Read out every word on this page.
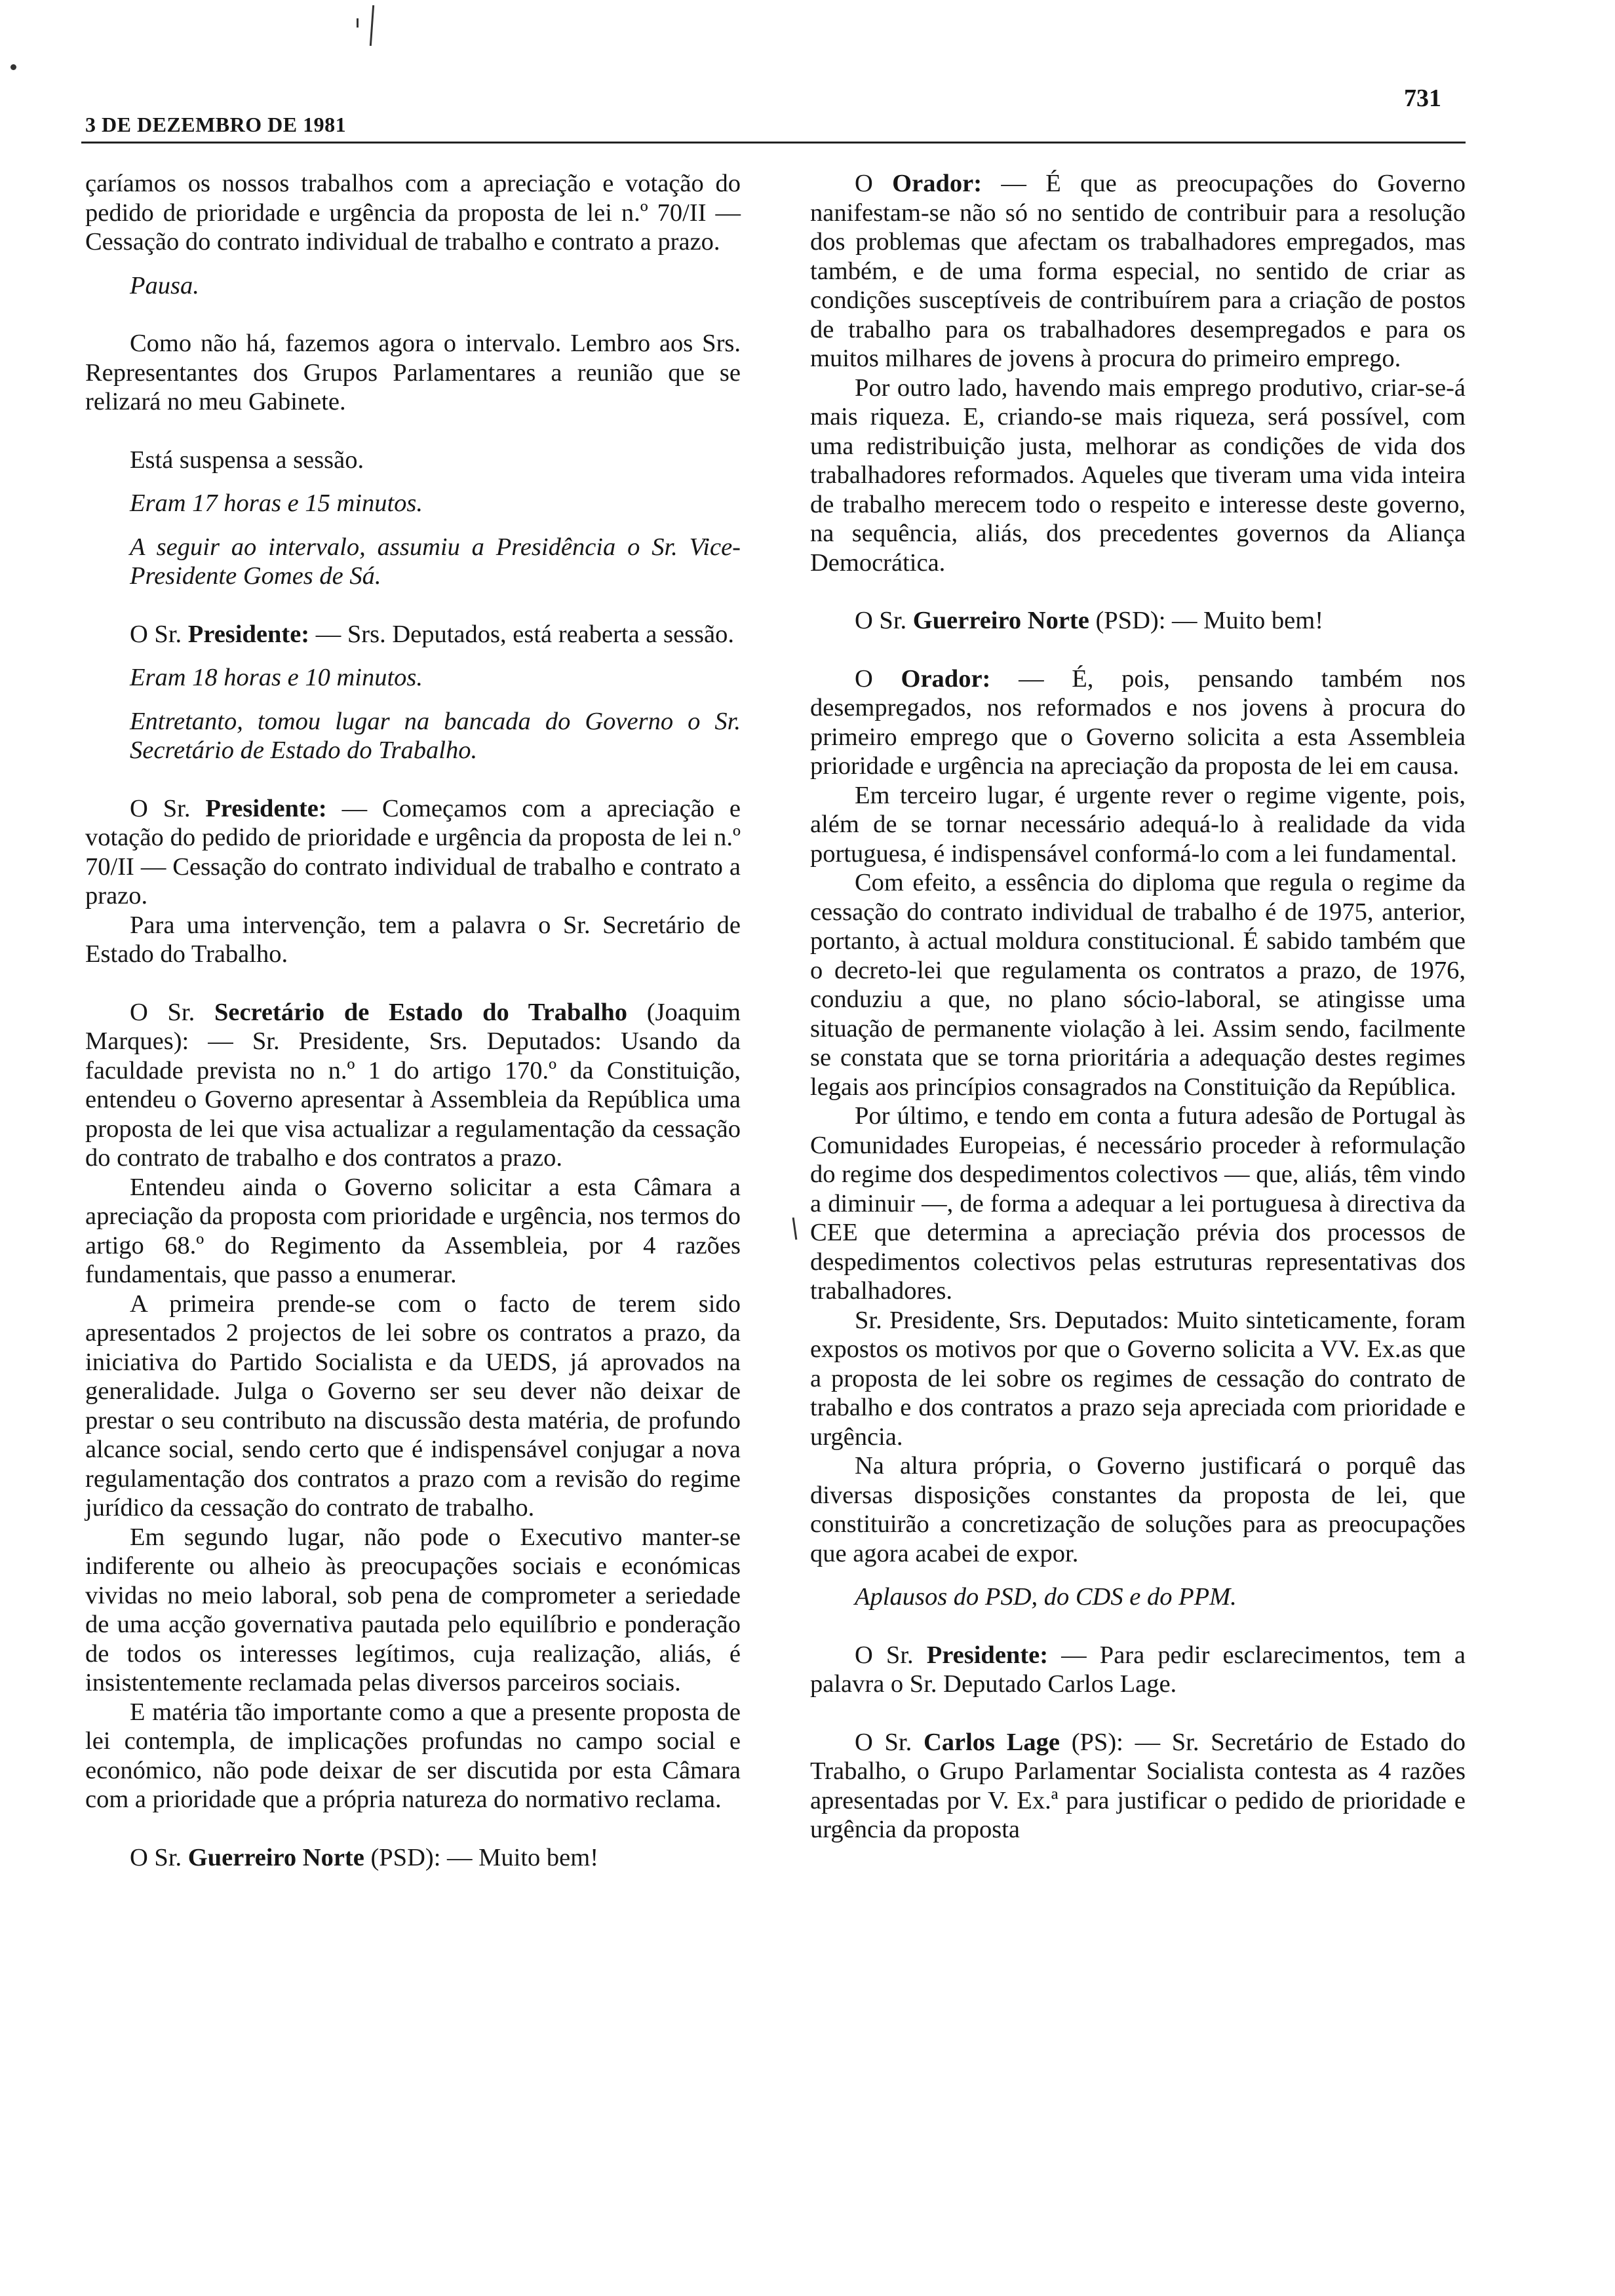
3 DE DEZEMBRO DE 1981
731

çaríamos os nossos trabalhos com a apreciação e votação do pedido de prioridade e urgência da proposta de lei n.º 70/II — Cessação do contrato individual de trabalho e contrato a prazo.

Pausa.

Como não há, fazemos agora o intervalo. Lembro aos Srs. Representantes dos Grupos Parlamentares a reunião que se relizará no meu Gabinete.

Está suspensa a sessão.

Eram 17 horas e 15 minutos.

A seguir ao intervalo, assumiu a Presidência o Sr. Vice-Presidente Gomes de Sá.

O Sr. Presidente: — Srs. Deputados, está reaberta a sessão.

Eram 18 horas e 10 minutos.

Entretanto, tomou lugar na bancada do Governo o Sr. Secretário de Estado do Trabalho.

O Sr. Presidente: — Começamos com a apreciação e votação do pedido de prioridade e urgência da proposta de lei n.º 70/II — Cessação do contrato individual de trabalho e contrato a prazo.

Para uma intervenção, tem a palavra o Sr. Secretário de Estado do Trabalho.

O Sr. Secretário de Estado do Trabalho (Joaquim Marques): — Sr. Presidente, Srs. Deputados: Usando da faculdade prevista no n.º 1 do artigo 170.º da Constituição, entendeu o Governo apresentar à Assembleia da República uma proposta de lei que visa actualizar a regulamentação da cessação do contrato de trabalho e dos contratos a prazo.

Entendeu ainda o Governo solicitar a esta Câmara a apreciação da proposta com prioridade e urgência, nos termos do artigo 68.º do Regimento da Assembleia, por 4 razões fundamentais, que passo a enumerar.

A primeira prende-se com o facto de terem sido apresentados 2 projectos de lei sobre os contratos a prazo, da iniciativa do Partido Socialista e da UEDS, já aprovados na generalidade. Julga o Governo ser seu dever não deixar de prestar o seu contributo na discussão desta matéria, de profundo alcance social, sendo certo que é indispensável conjugar a nova regulamentação dos contratos a prazo com a revisão do regime jurídico da cessação do contrato de trabalho.

Em segundo lugar, não pode o Executivo manter-se indiferente ou alheio às preocupações sociais e económicas vividas no meio laboral, sob pena de comprometer a seriedade de uma acção governativa pautada pelo equilíbrio e ponderação de todos os interesses legítimos, cuja realização, aliás, é insistentemente reclamada pelas diversos parceiros sociais.

E matéria tão importante como a que a presente proposta de lei contempla, de implicações profundas no campo social e económico, não pode deixar de ser discutida por esta Câmara com a prioridade que a própria natureza do normativo reclama.

O Sr. Guerreiro Norte (PSD): — Muito bem!

O Orador: — É que as preocupações do Governo nanifestam-se não só no sentido de contribuir para a resolução dos problemas que afectam os trabalhadores empregados, mas também, e de uma forma especial, no sentido de criar as condições susceptíveis de contribuírem para a criação de postos de trabalho para os trabalhadores desempregados e para os muitos milhares de jovens à procura do primeiro emprego.

Por outro lado, havendo mais emprego produtivo, criar-se-á mais riqueza. E, criando-se mais riqueza, será possível, com uma redistribuição justa, melhorar as condições de vida dos trabalhadores reformados. Aqueles que tiveram uma vida inteira de trabalho merecem todo o respeito e interesse deste governo, na sequência, aliás, dos precedentes governos da Aliança Democrática.

O Sr. Guerreiro Norte (PSD): — Muito bem!

O Orador: — É, pois, pensando também nos desempregados, nos reformados e nos jovens à procura do primeiro emprego que o Governo solicita a esta Assembleia prioridade e urgência na apreciação da proposta de lei em causa.

Em terceiro lugar, é urgente rever o regime vigente, pois, além de se tornar necessário adequá-lo à realidade da vida portuguesa, é indispensável conformá-lo com a lei fundamental.

Com efeito, a essência do diploma que regula o regime da cessação do contrato individual de trabalho é de 1975, anterior, portanto, à actual moldura constitucional. É sabido também que o decreto-lei que regulamenta os contratos a prazo, de 1976, conduziu a que, no plano sócio-laboral, se atingisse uma situação de permanente violação à lei. Assim sendo, facilmente se constata que se torna prioritária a adequação destes regimes legais aos princípios consagrados na Constituição da República.

Por último, e tendo em conta a futura adesão de Portugal às Comunidades Europeias, é necessário proceder à reformulação do regime dos despedimentos colectivos — que, aliás, têm vindo a diminuir —, de forma a adequar a lei portuguesa à directiva da CEE que determina a apreciação prévia dos processos de despedimentos colectivos pelas estruturas representativas dos trabalhadores.

Sr. Presidente, Srs. Deputados: Muito sinteticamente, foram expostos os motivos por que o Governo solicita a VV. Ex.as que a proposta de lei sobre os regimes de cessação do contrato de trabalho e dos contratos a prazo seja apreciada com prioridade e urgência.

Na altura própria, o Governo justificará o porquê das diversas disposições constantes da proposta de lei, que constituirão a concretização de soluções para as preocupações que agora acabei de expor.

Aplausos do PSD, do CDS e do PPM.

O Sr. Presidente: — Para pedir esclarecimentos, tem a palavra o Sr. Deputado Carlos Lage.

O Sr. Carlos Lage (PS): — Sr. Secretário de Estado do Trabalho, o Grupo Parlamentar Socialista contesta as 4 razões apresentadas por V. Ex.ª para justificar o pedido de prioridade e urgência da proposta
